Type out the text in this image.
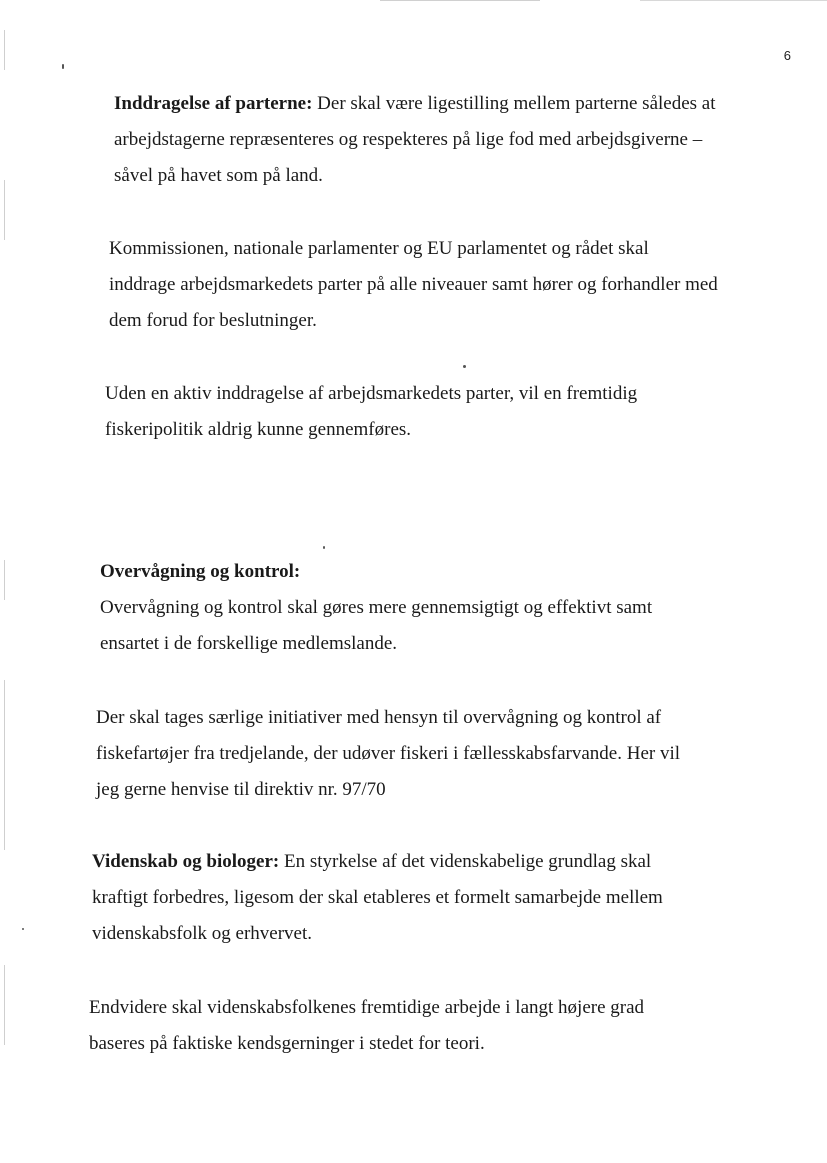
6

Inddragelse af parterne: Der skal være ligestilling mellem parterne således at
arbejdstagerne repræsenteres og respekteres på lige fod med arbejdsgiverne –
såvel på havet som på land.

Kommissionen, nationale parlamenter og EU parlamentet og rådet skal
inddrage arbejdsmarkedets parter på alle niveauer samt hører og forhandler med
dem forud for beslutninger.

Uden en aktiv inddragelse af arbejdsmarkedets parter, vil en fremtidig
fiskeripolitik aldrig kunne gennemføres.

Overvågning og kontrol:
Overvågning og kontrol skal gøres mere gennemsigtigt og effektivt samt
ensartet i de forskellige medlemslande.

Der skal tages særlige initiativer med hensyn til overvågning og kontrol af
fiskefartøjer fra tredjelande, der udøver fiskeri i fællesskabsfarvande. Her vil
jeg gerne henvise til direktiv nr. 97/70

Videnskab og biologer: En styrkelse af det videnskabelige grundlag skal
kraftigt forbedres, ligesom der skal etableres et formelt samarbejde mellem
videnskabsfolk og erhvervet.

Endvidere skal videnskabsfolkenes fremtidige arbejde i langt højere grad
baseres på faktiske kendsgerninger i stedet for teori.
